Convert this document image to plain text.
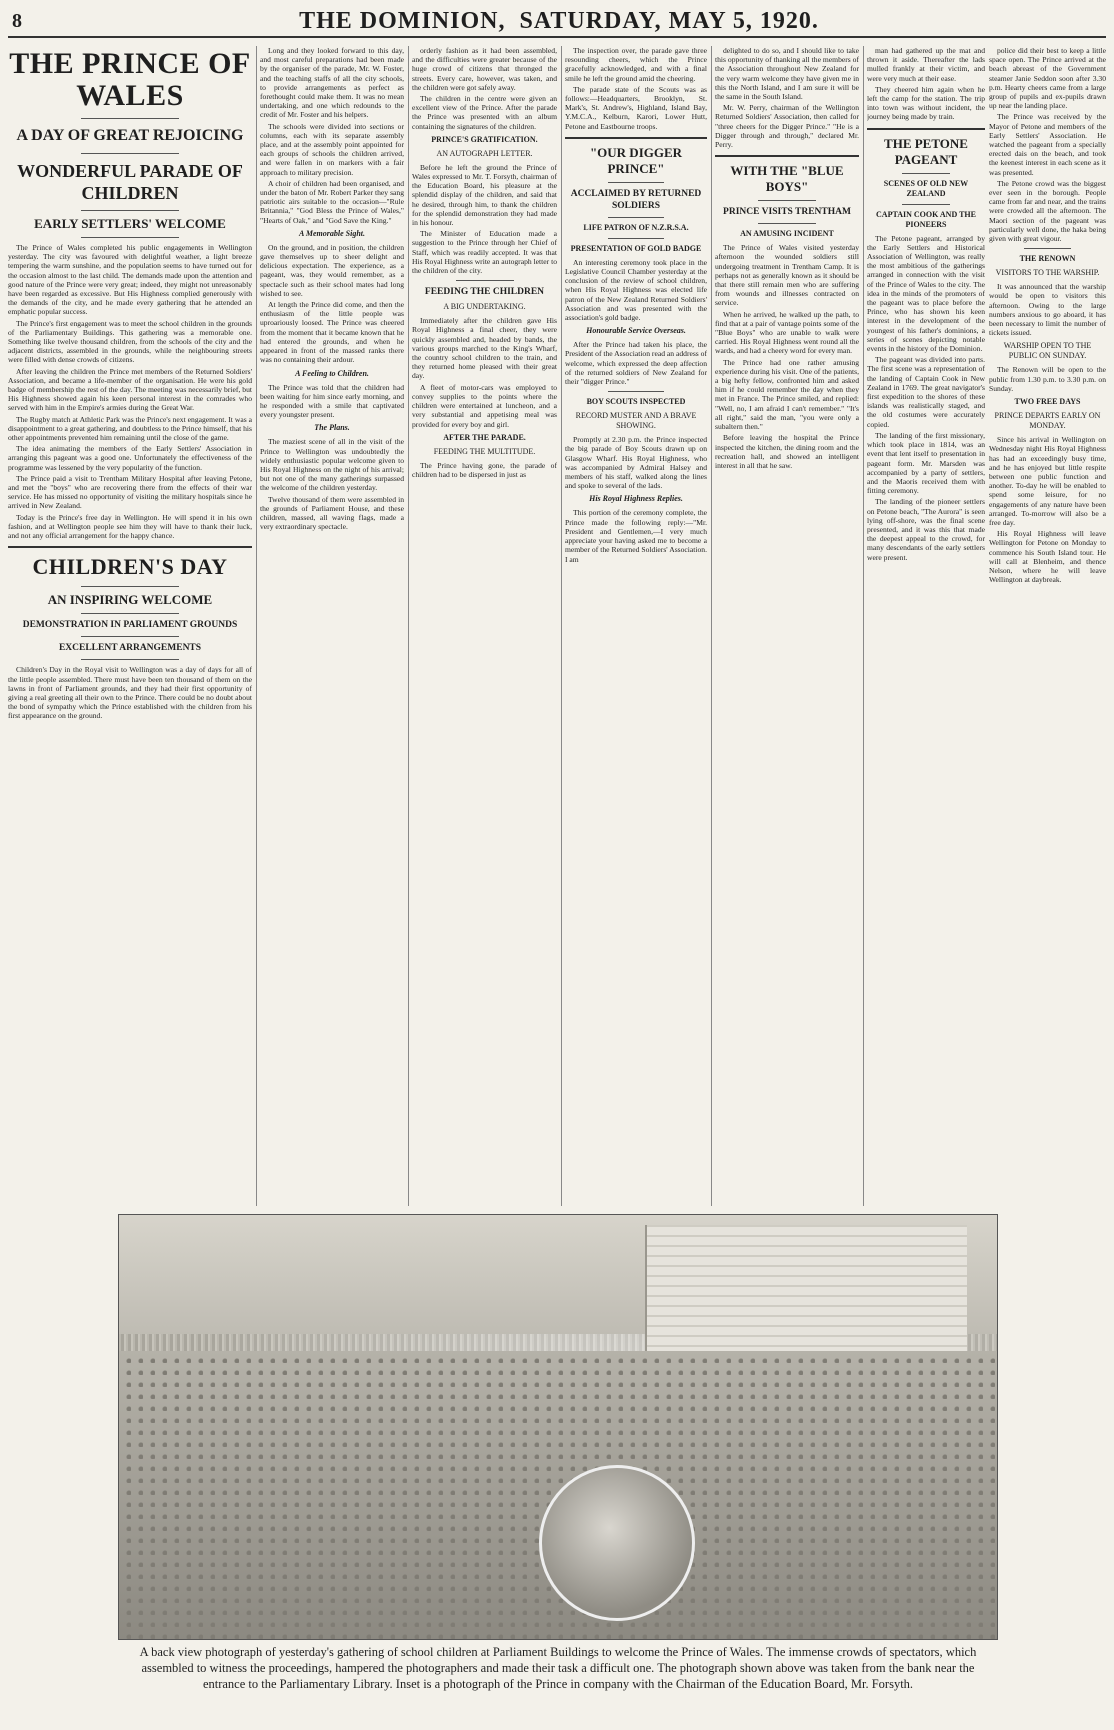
8	THE DOMINION, SATURDAY, MAY 5, 1920.
THE PRINCE OF WALES
A DAY OF GREAT REJOICING
WONDERFUL PARADE OF CHILDREN
EARLY SETTLERS' WELCOME

The Prince of Wales completed his public engagements in Wellington yesterday. The city was favoured with delightful weather, a light breeze tempering the warm sunshine, and the population seems to have turned out for the occasion almost to the last child. The demands made upon the attention and good nature of the Prince were very great; indeed, they might not unreasonably have been regarded as excessive. But His Highness complied generously with the demands of the city, and he made every gathering that he attended an emphatic popular success.

The Prince's first engagement was to meet the school children in the grounds of the Parliamentary Buildings. This gathering was a memorable one. Something like twelve thousand children, from the schools of the city and the adjacent districts, assembled in the grounds, while the neighbouring streets were filled with dense crowds of citizens.

After leaving the children the Prince met members of the Returned Soldiers' Association, and became a life-member of the organisation. He were his gold badge of membership the rest of the day. The meeting was necessarily brief, but His Highness showed again his keen personal interest in the comrades who served with him in the Empire's armies during the Great War.

The Rugby match at Athletic Park was the Prince's next engagement. It was a disappointment to a great gathering, and doubtless to the Prince himself, that his other appointments prevented him remaining until the close of the game.

The idea animating the members of the Early Settlers' Association in arranging this pageant was a good one. Unfortunately the effectiveness of the programme was lessened by the very popularity of the function.

The Prince paid a visit to Trentham Military Hospital after leaving Petone, and met the "boys" who are recovering there from the effects of their war service. He has missed no opportunity of visiting the military hospitals since he arrived in New Zealand.

Today is the Prince's free day in Wellington. He will spend it in his own fashion, and at Wellington people see him they will have to thank their luck, and not any official arrangement for the happy chance.

CHILDREN'S DAY
AN INSPIRING WELCOME
DEMONSTRATION IN PARLIAMENT GROUNDS
EXCELLENT ARRANGEMENTS

Children's Day in the Royal visit to Wellington was a day of days for all of the little people assembled. There must have been ten thousand of them on the lawns in front of Parliament grounds, and they had their first opportunity of giving a real greeting all their own to the Prince. There could be no doubt about the bond of sympathy which the Prince established with the children from his first appearance on the ground.

Long and they looked forward to this day, and most careful preparations had been made by the organiser of the parade, Mr. W. Foster, and the teaching staffs of all the city schools, to provide arrangements as perfect as forethought could make them. It was no mean undertaking, and one which redounds to the credit of Mr. Foster and his helpers.

The schools were divided into sections or columns, each with its separate assembly place, and at the assembly point appointed for each groups of schools the children arrived, and were fallen in on markers with a fair approach to military precision.

A choir of children had been organised, and under the baton of Mr. Robert Parker they sang patriotic airs suitable to the occasion—"Rule Britannia," "God Bless the Prince of Wales," "Hearts of Oak," and "God Save the King."

A Memorable Sight.

On the ground, and in position, the children gave themselves up to sheer delight and delicious expectation. The experience, as a pageant, was, they would remember, as a spectacle such as their school mates had long wished to see.

At length the Prince did come, and then the enthusiasm of the little people was uproariously loosed. The Prince was cheered from the moment that it became known that he had entered the grounds, and when he appeared in front of the massed ranks there was no containing their ardour.

A Feeling to Children.

The Prince was told that the children had been waiting for him since early morning, and he responded with a smile that captivated every youngster present.

The Plans.

The maziest scene of all in the visit of the Prince to Wellington was undoubtedly the widely enthusiastic popular welcome given to His Royal Highness on the night of his arrival; but not one of the many gatherings surpassed the welcome of the children yesterday.

Twelve thousand of them were assembled in the grounds of Parliament House, and these children, massed, all waving flags, made a very extraordinary spectacle.

orderly fashion as it had been assembled, and the difficulties were greater because of the huge crowd of citizens that thronged the streets. Every care, however, was taken, and the children were got safely away.

The children in the centre were given an excellent view of the Prince. After the parade the Prince was presented with an album containing the signatures of the children.

PRINCE'S GRATIFICATION.
AN AUTOGRAPH LETTER.

Before he left the ground the Prince of Wales expressed to Mr. T. Forsyth, chairman of the Education Board, his pleasure at the splendid display of the children, and said that he desired, through him, to thank the children for the splendid demonstration they had made in his honour.

The Minister of Education made a suggestion to the Prince through her Chief of Staff, which was readily accepted. It was that His Royal Highness write an autograph letter to the children of the city.

FEEDING THE CHILDREN
A BIG UNDERTAKING.

Immediately after the children gave His Royal Highness a final cheer, they were quickly assembled and, headed by bands, the various groups marched to the King's Wharf, the country school children to the train, and they returned home pleased with their great day.

A fleet of motor-cars was employed to convey supplies to the points where the children were entertained at luncheon, and a very substantial and appetising meal was provided for every boy and girl.

AFTER THE PARADE.
FEEDING THE MULTITUDE.

The Prince having gone, the parade of children had to be dispersed in just as

The inspection over, the parade gave three resounding cheers, which the Prince gracefully acknowledged, and with a final smile he left the ground amid the cheering.

The parade state of the Scouts was as follows:—Headquarters, Brooklyn, St. Mark's, St. Andrew's, Highland, Island Bay, Y.M.C.A., Kelburn, Karori, Lower Hutt, Petone and Eastbourne troops.

"OUR DIGGER PRINCE"
ACCLAIMED BY RETURNED SOLDIERS
LIFE PATRON OF N.Z.R.S.A.
PRESENTATION OF GOLD BADGE

An interesting ceremony took place in the Legislative Council Chamber yesterday at the conclusion of the review of school children, when His Royal Highness was elected life patron of the New Zealand Returned Soldiers' Association and was presented with the association's gold badge.

Honourable Service Overseas.

After the Prince had taken his place, the President of the Association read an address of welcome, which expressed the deep affection of the returned soldiers of New Zealand for their "digger Prince."

BOY SCOUTS INSPECTED
RECORD MUSTER AND A BRAVE SHOWING.

Promptly at 2.30 p.m. the Prince inspected the big parade of Boy Scouts drawn up on Glasgow Wharf. His Royal Highness, who was accompanied by Admiral Halsey and members of his staff, walked along the lines and spoke to several of the lads.

His Royal Highness Replies.

This portion of the ceremony complete, the Prince made the following reply:—"Mr. President and Gentlemen,—I very much appreciate your having asked me to become a member of the Returned Soldiers' Association. I am

delighted to do so, and I should like to take this opportunity of thanking all the members of the Association throughout New Zealand for the very warm welcome they have given me in this the North Island, and I am sure it will be the same in the South Island.

Mr. W. Perry, chairman of the Wellington Returned Soldiers' Association, then called for "three cheers for the Digger Prince." "He is a Digger through and through," declared Mr. Perry.

WITH THE "BLUE BOYS"
PRINCE VISITS TRENTHAM
AN AMUSING INCIDENT

The Prince of Wales visited yesterday afternoon the wounded soldiers still undergoing treatment in Trentham Camp. It is perhaps not as generally known as it should be that there still remain men who are suffering from wounds and illnesses contracted on service.

When he arrived, he walked up the path, to find that at a pair of vantage points some of the "Blue Boys" who are unable to walk were carried. His Royal Highness went round all the wards, and had a cheery word for every man.

The Prince had one rather amusing experience during his visit. One of the patients, a big hefty fellow, confronted him and asked him if he could remember the day when they met in France. The Prince smiled, and replied: "Well, no, I am afraid I can't remember." "It's all right," said the man, "you were only a subaltern then."

Before leaving the hospital the Prince inspected the kitchen, the dining room and the recreation hall, and showed an intelligent interest in all that he saw.

man had gathered up the mat and thrown it aside. Thereafter the lads mulled frankly at their victim, and were very much at their ease.

They cheered him again when he left the camp for the station. The trip into town was without incident, the journey being made by train.

THE PETONE PAGEANT
SCENES OF OLD NEW ZEALAND
CAPTAIN COOK AND THE PIONEERS

The Petone pageant, arranged by the Early Settlers and Historical Association of Wellington, was really the most ambitious of the gatherings arranged in connection with the visit of the Prince of Wales to the city. The idea in the minds of the promoters of the pageant was to place before the Prince, who has shown his keen interest in the development of the youngest of his father's dominions, a series of scenes depicting notable events in the history of the Dominion.

The pageant was divided into parts. The first scene was a representation of the landing of Captain Cook in New Zealand in 1769. The great navigator's first expedition to the shores of these islands was realistically staged, and the old costumes were accurately copied.

The landing of the first missionary, which took place in 1814, was an event that lent itself to presentation in pageant form. Mr. Marsden was accompanied by a party of settlers, and the Maoris received them with fitting ceremony.

The landing of the pioneer settlers on Petone beach, "The Aurora" is seen lying off-shore, was the final scene presented, and it was this that made the deepest appeal to the crowd, for many descendants of the early settlers were present.

police did their best to keep a little space open. The Prince arrived at the beach abreast of the Government steamer Janie Seddon soon after 3.30 p.m. Hearty cheers came from a large group of pupils and ex-pupils drawn up near the landing place.

The Prince was received by the Mayor of Petone and members of the Early Settlers' Association. He watched the pageant from a specially erected dais on the beach, and took the keenest interest in each scene as it was presented.

The Petone crowd was the biggest ever seen in the borough. People came from far and near, and the trains were crowded all the afternoon. The Maori section of the pageant was particularly well done, the haka being given with great vigour.

THE RENOWN
VISITORS TO THE WARSHIP.

It was announced that the warship would be open to visitors this afternoon. Owing to the large numbers anxious to go aboard, it has been necessary to limit the number of tickets issued.

WARSHIP OPEN TO THE PUBLIC ON SUNDAY.

The Renown will be open to the public from 1.30 p.m. to 3.30 p.m. on Sunday.

TWO FREE DAYS
PRINCE DEPARTS EARLY ON MONDAY.

Since his arrival in Wellington on Wednesday night His Royal Highness has had an exceedingly busy time, and he has enjoyed but little respite between one public function and another. To-day he will be enabled to spend some leisure, for no engagements of any nature have been arranged. To-morrow will also be a free day.

His Royal Highness will leave Wellington for Petone on Monday to commence his South Island tour. He will call at Blenheim, and thence Nelson, where he will leave Wellington at daybreak.

A back view photograph of yesterday's gathering of school children at Parliament Buildings to welcome the Prince of Wales. The immense crowds of spectators, which assembled to witness the proceedings, hampered the photographers and made their task a difficult one. The photograph shown above was taken from the bank near the entrance to the Parliamentary Library. Inset is a photograph of the Prince in company with the Chairman of the Education Board, Mr. Forsyth.
